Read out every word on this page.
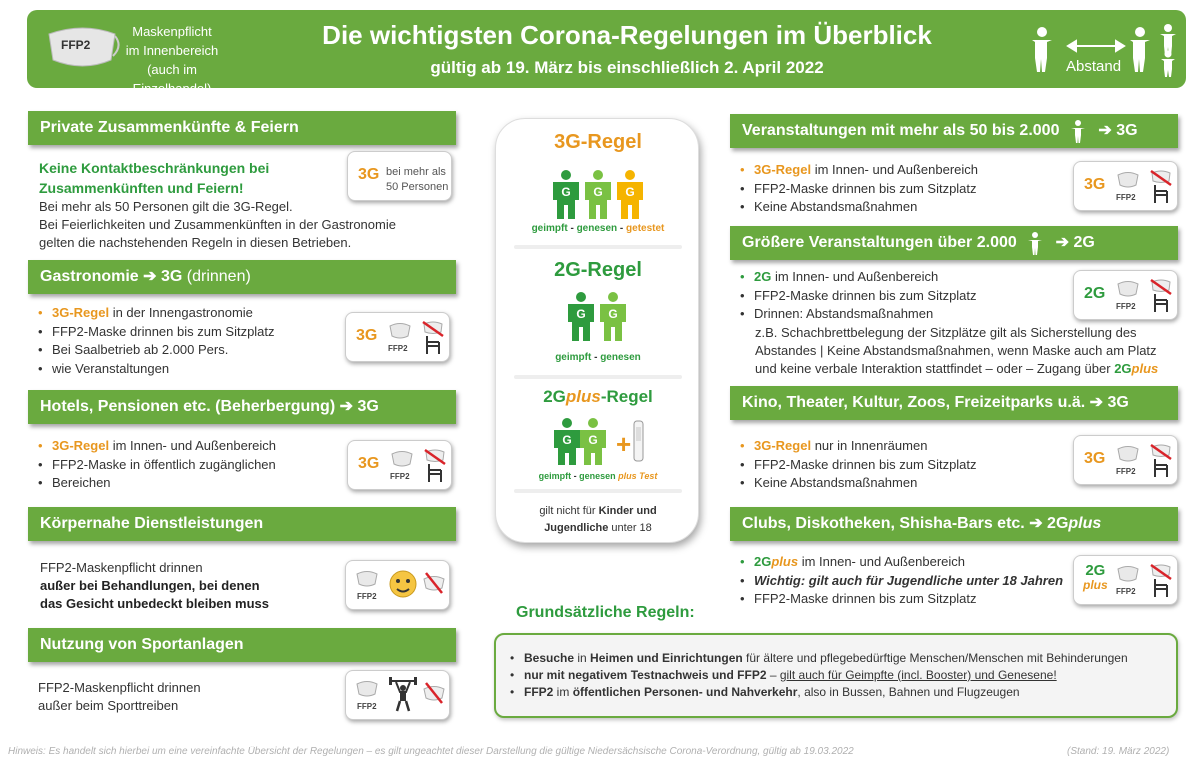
FFP2
Maskenpflicht
im Innenbereich
(auch im Einzelhandel)
Die wichtigsten Corona-Regelungen im Überblick
gültig ab 19. März bis einschließlich 2. April 2022	Abstand
Private Zusammenkünfte & Feiern
Keine Kontaktbeschränkungen bei
Zusammenkünften und Feiern!
Bei mehr als 50 Personen gilt die 3G-Regel.
Bei Feierlichkeiten und Zusammenkünften in der Gastronomie
gelten die nachstehenden Regeln in diesen Betrieben.
3G bei mehr als
50 Personen
Gastronomie ➔ 3G (drinnen)
• 3G-Regel in der Innengastronomie
• FFP2-Maske drinnen bis zum Sitzplatz
• Bei Saalbetrieb ab 2.000 Pers.
• wie Veranstaltungen
3G
FFP2
Hotels, Pensionen etc. (Beherbergung) ➔ 3G
• 3G-Regel im Innen- und Außenbereich
• FFP2-Maske in öffentlich zugänglichen
• Bereichen
3G
FFP2
Körpernahe Dienstleistungen
FFP2-Maskenpflicht drinnen
außer bei Behandlungen, bei denen
das Gesicht unbedeckt bleiben muss	FFP2
Nutzung von Sportanlagen
FFP2-Maskenpflicht drinnen
außer beim Sporttreiben	FFP2
3G-Regel
G G G
geimpft - genesen - getestet
2G-Regel
G G
geimpft - genesen
2Gplus-Regel
G G +
geimpft - genesen plus Test
gilt nicht für Kinder und
Jugendliche unter 18
Veranstaltungen mit mehr als 50 bis 2.000 ➔ 3G
• 3G-Regel im Innen- und Außenbereich
• FFP2-Maske drinnen bis zum Sitzplatz
• Keine Abstandsmaßnahmen
3G
FFP2
Größere Veranstaltungen über 2.000 ➔ 2G
• 2G im Innen- und Außenbereich
• FFP2-Maske drinnen bis zum Sitzplatz
• Drinnen: Abstandsmaßnahmen
z.B. Schachbrettbelegung der Sitzplätze gilt als Sicherstellung des
Abstandes | Keine Abstandsmaßnahmen, wenn Maske auch am Platz
und keine verbale Interaktion stattfindet – oder – Zugang über 2Gplus
2G
FFP2
Kino, Theater, Kultur, Zoos, Freizeitparks u.ä. ➔ 3G
• 3G-Regel nur in Innenräumen
• FFP2-Maske drinnen bis zum Sitzplatz
• Keine Abstandsmaßnahmen
3G
FFP2
Clubs, Diskotheken, Shisha-Bars etc. ➔ 2Gplus
• 2Gplus im Innen- und Außenbereich
• Wichtig: gilt auch für Jugendliche unter 18 Jahren
• FFP2-Maske drinnen bis zum Sitzplatz
2G
plus FFP2
Grundsätzliche Regeln:
• Besuche in Heimen und Einrichtungen für ältere und pflegebedürftige Menschen/Menschen mit Behinderungen
• nur mit negativem Testnachweis und FFP2 – gilt auch für Geimpfte (incl. Booster) und Genesene!
• FFP2 im öffentlichen Personen- und Nahverkehr, also in Bussen, Bahnen und Flugzeugen
Hinweis: Es handelt sich hierbei um eine vereinfachte Übersicht der Regelungen – es gilt ungeachtet dieser Darstellung die gültige Niedersächsische Corona-Verordnung, gültig ab 19.03.2022	(Stand: 19. März 2022)
